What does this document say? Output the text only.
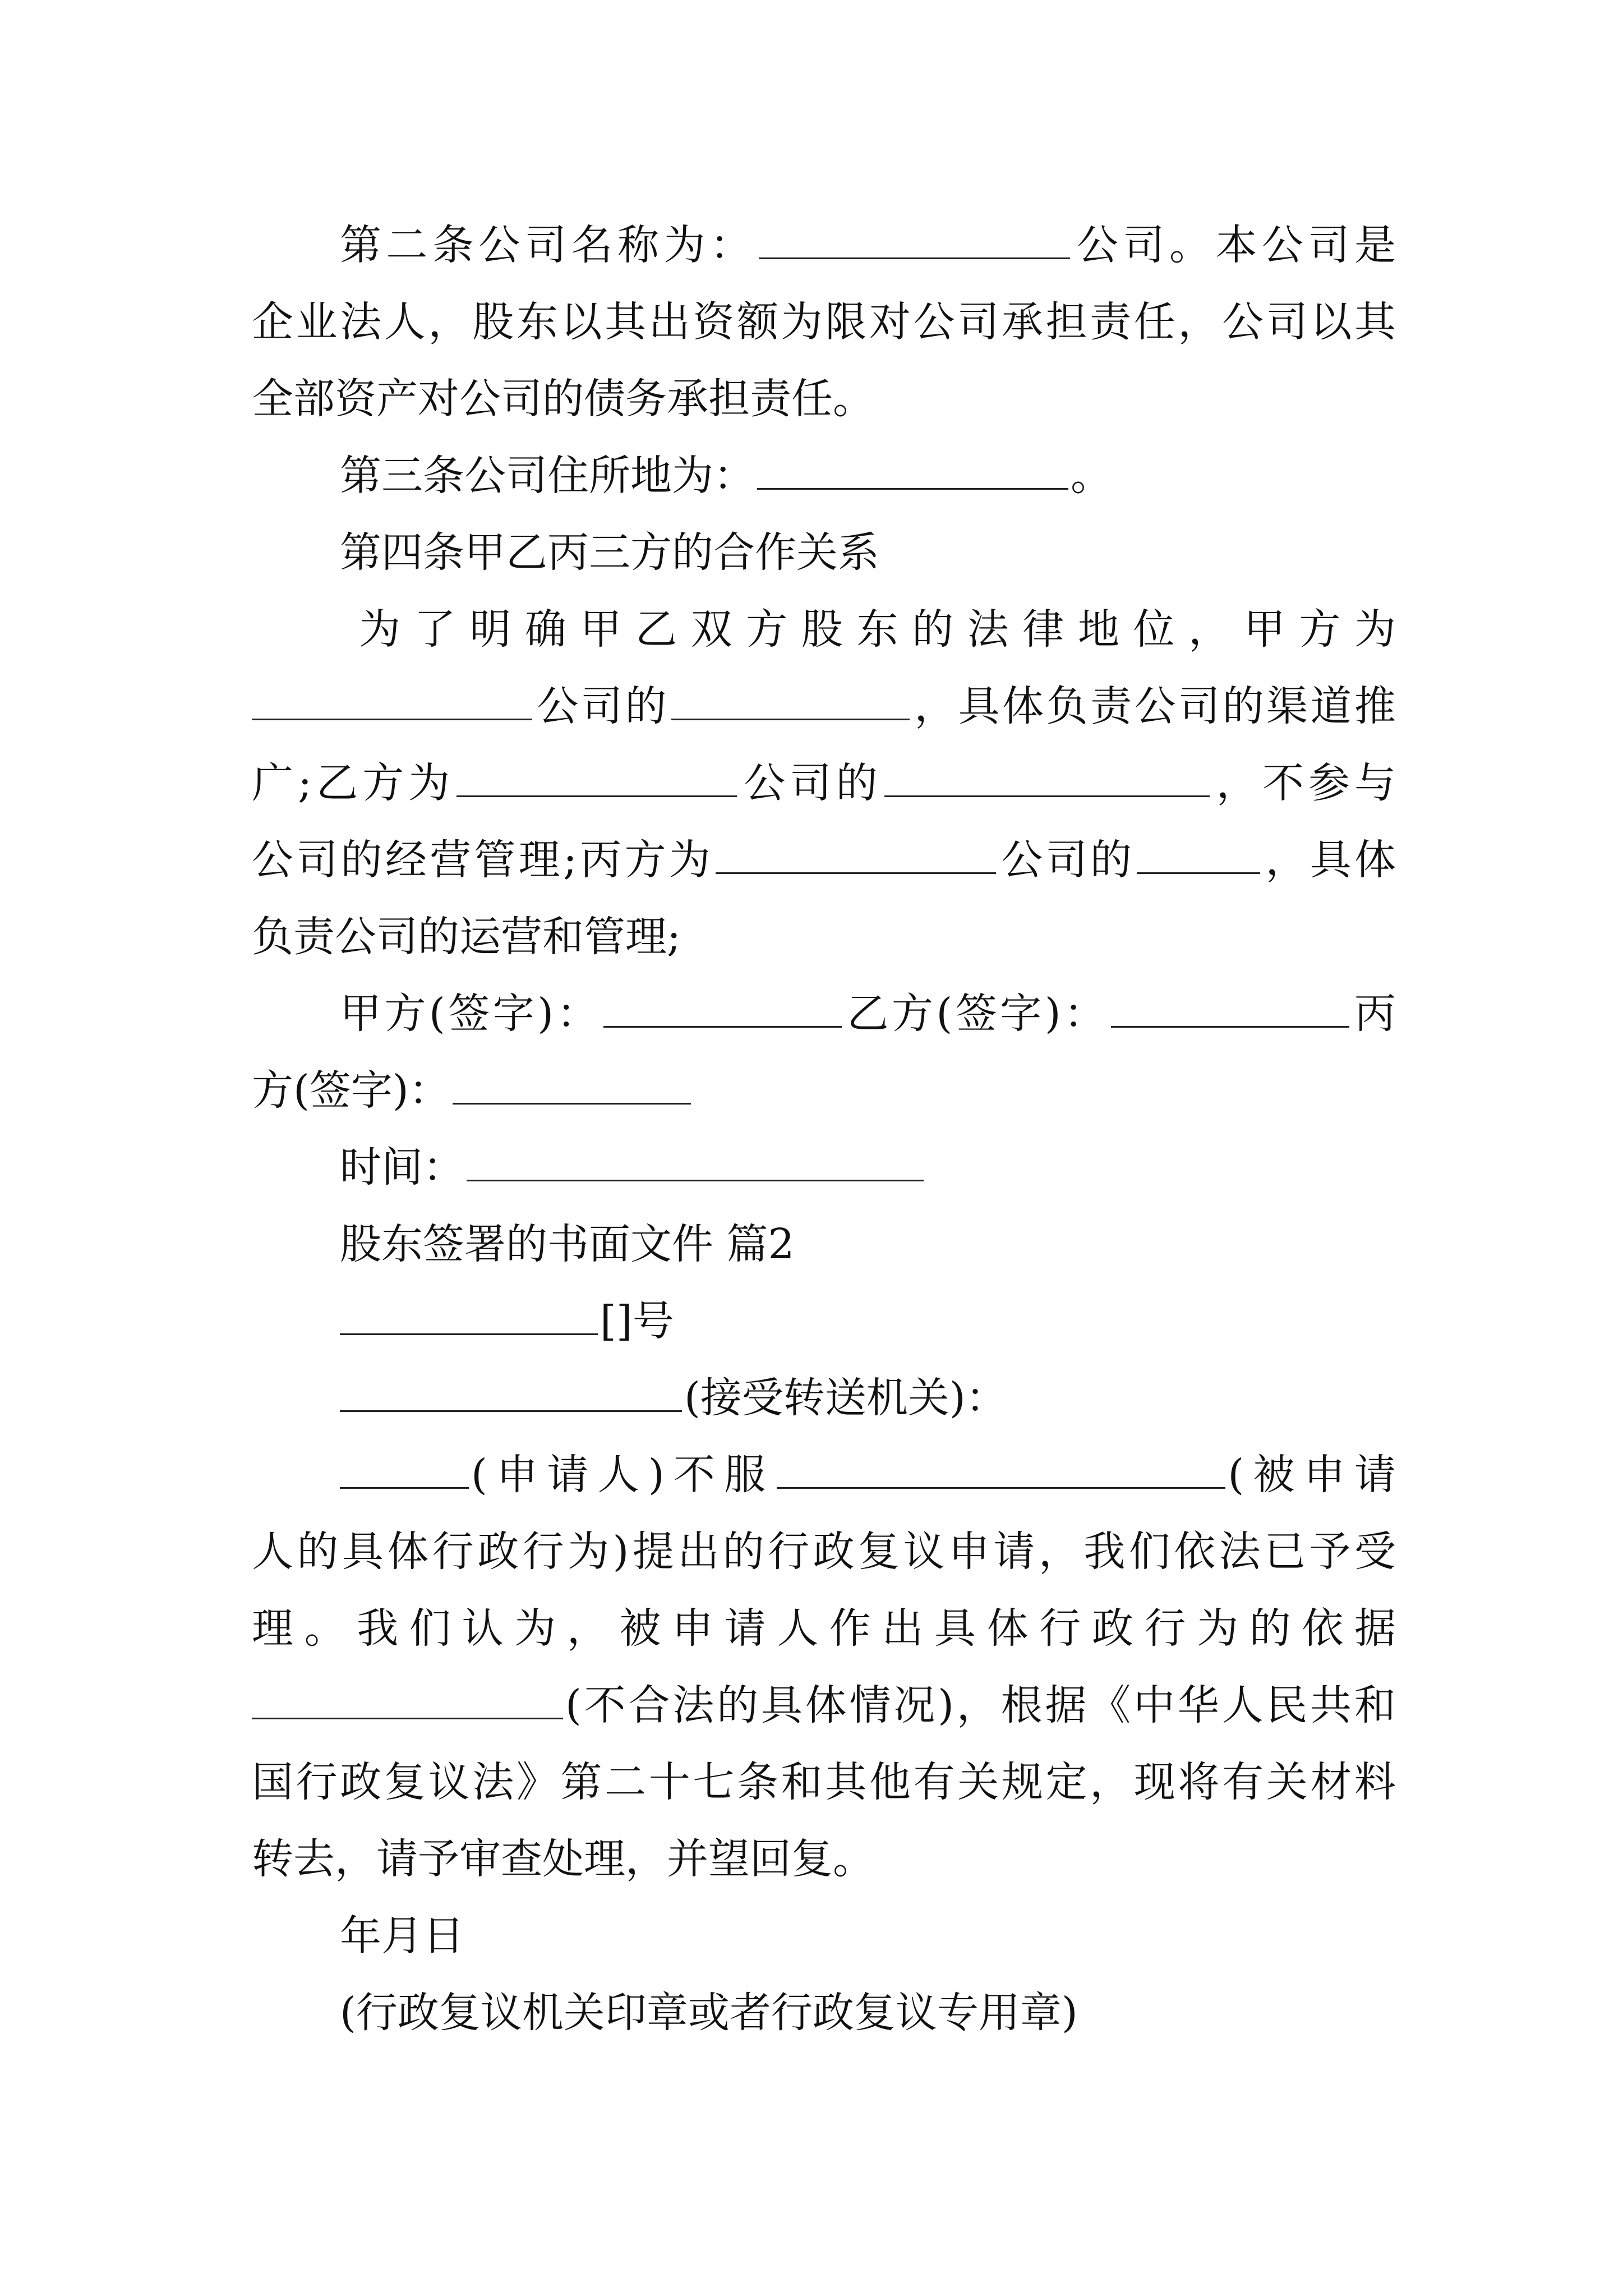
第二条公司名称为：	公司。本公司是
企业法人，股东以其出资额为限对公司承担责任，公司以其
全部资产对公司的债务承担责任。
第三条公司住所地为：	。
第四条甲乙丙三方的合作关系
为了明确甲乙双方股东的法律地位，甲方为
公司的	，具体负责公司的渠道推
广;乙方为	公司的	，不参与
公司的经营管理;丙方为	公司的	，具体
负责公司的运营和管理;
甲方(签字)：	乙方(签字)：	丙
方(签字)：
时间：
股东签署的书面文件 篇2
[]号
(接受转送机关)：
(申请人)不服	(被申请
人的具体行政行为)提出的行政复议申请，我们依法已予受
理。我们认为，被申请人作出具体行政行为的依据
(不合法的具体情况)，根据《中华人民共和
国行政复议法》第二十七条和其他有关规定，现将有关材料
转去，请予审查处理，并望回复。
年月日
(行政复议机关印章或者行政复议专用章)
